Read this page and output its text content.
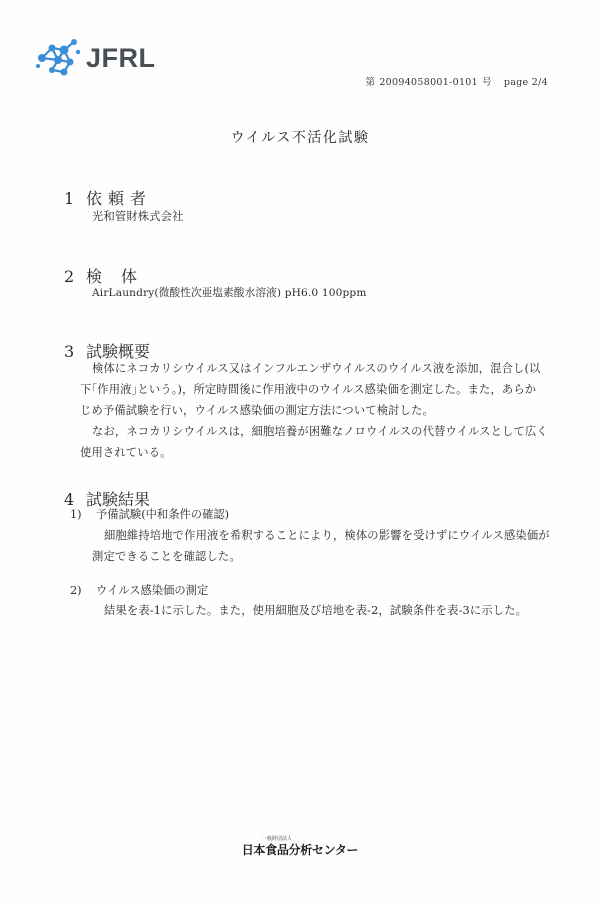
JFRL
第 20094058001-0101 号 page 2/4
ウイルス不活化試験
1 依頼者
光和管財株式会社
2 検体
AirLaundry(微酸性次亜塩素酸水溶液) pH6.0 100ppm
3 試験概要
検体にネコカリシウイルス又はインフルエンザウイルスのウイルス液を添加，混合し(以
下｢作用液｣という。)，所定時間後に作用液中のウイルス感染価を測定した。また，あらか
じめ予備試験を行い，ウイルス感染価の測定方法について検討した。
なお，ネコカリシウイルスは，細胞培養が困難なノロウイルスの代替ウイルスとして広く
使用されている。
4 試験結果
1) 予備試験(中和条件の確認)
細胞維持培地で作用液を希釈することにより，検体の影響を受けずにウイルス感染価が
測定できることを確認した。
2) ウイルス感染価の測定
結果を表-1に示した。また，使用細胞及び培地を表-2，試験条件を表-3に示した。
一般財団法人
日本食品分析センター
